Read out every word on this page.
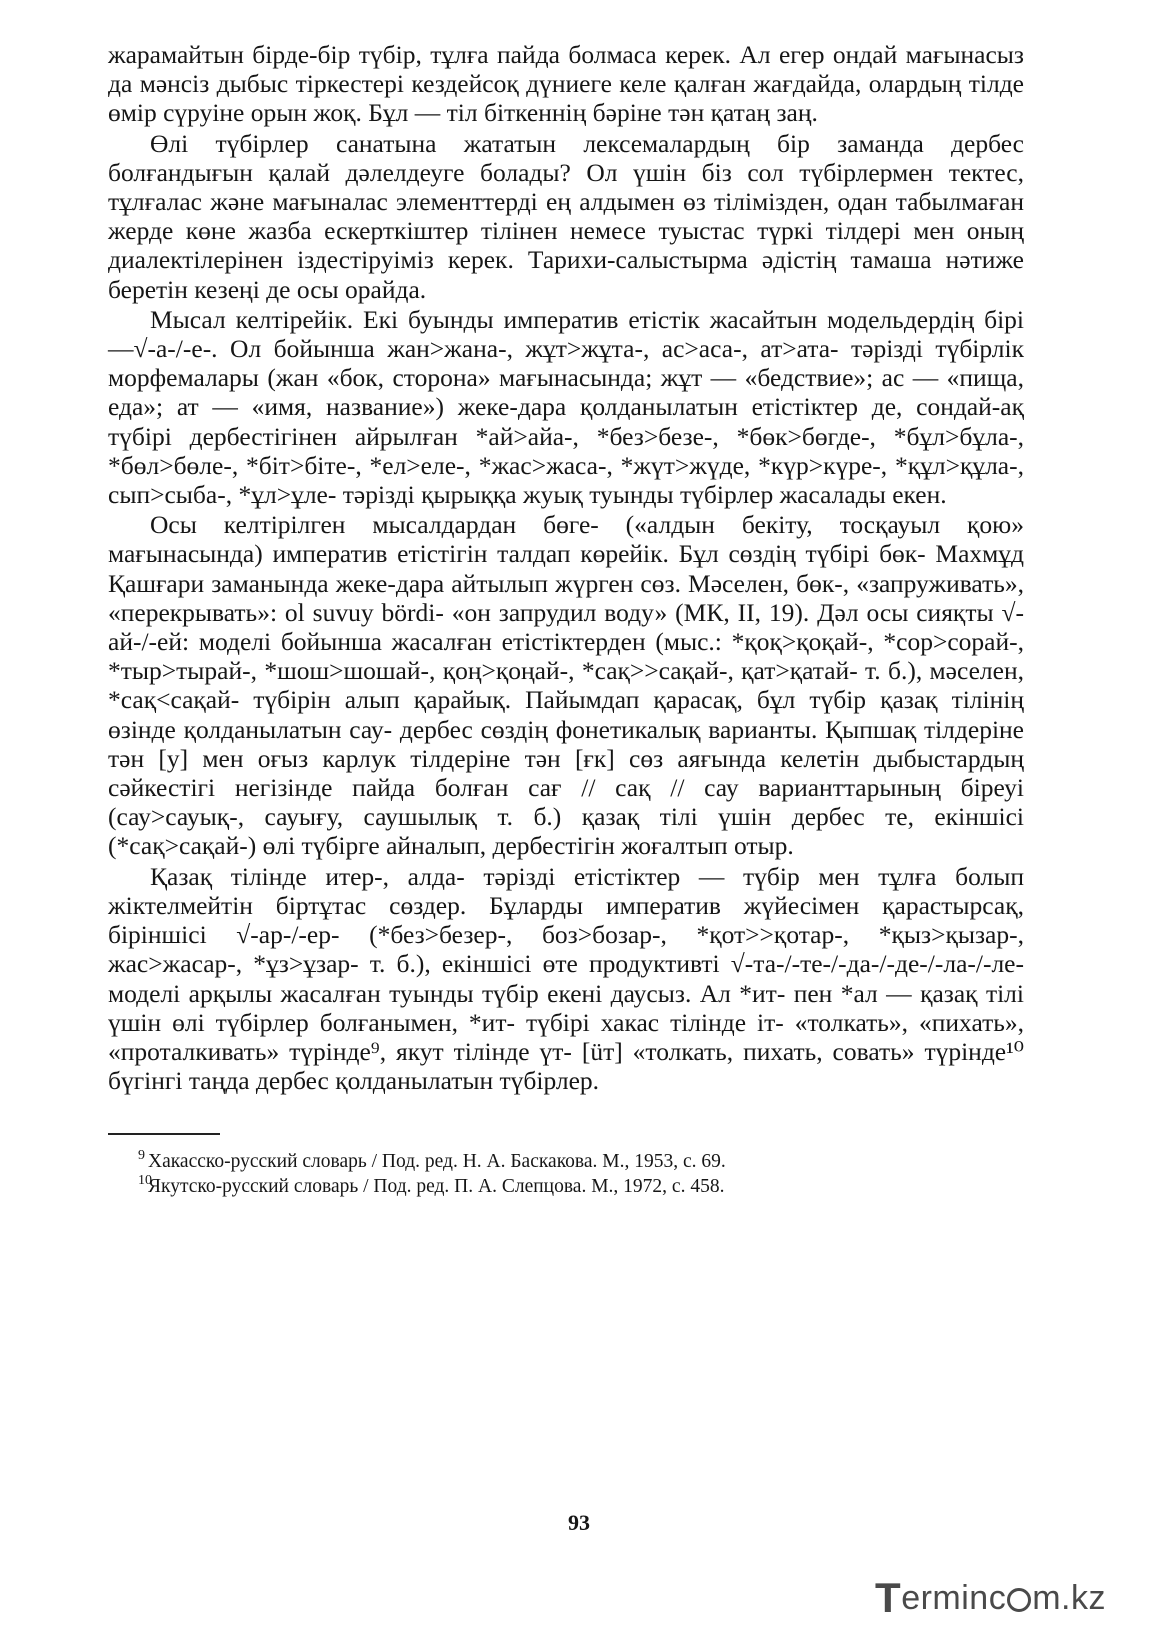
жарамайтын бірде-бір түбір, тұлға пайда болмаса керек. Ал егер ондай мағынасыз да мәнсіз дыбыс тіркестері кездейсоқ дүниеге келе қалған жағдайда, олардың тілде өмір сүруіне орын жоқ. Бұл — тіл біткеннің бәріне тән қатаң заң.

Өлі түбірлер санатына жататын лексемалардың бір заманда дербес болғандығын қалай дәлелдеуге болады? Ол үшін біз сол түбірлермен тектес, тұлғалас және мағыналас элементтерді ең алдымен өз тілімізден, одан табылмаған жерде көне жазба ескерткіштер тілінен немесе туыстас түркі тілдері мен оның диалектілерінен іздестіруіміз керек. Тарихи-салыстырма әдістің тамаша нәтиже беретін кезеңі де осы орайда.

Мысал келтірейік. Екі буынды императив етістік жасайтын модельдердің бірі —√-а-/-е-. Ол бойынша жан>жана-, жұт>жұта-, ас>аса-, ат>ата- тәрізді түбірлік морфемалары (жан «бок, сторона» мағынасында; жұт — «бедствие»; ас — «пища, еда»; ат — «имя, название») жеке-дара қолданылатын етістіктер де, сондай-ақ түбірі дербестігінен айрылған *ай>айа-, *без>безе-, *бөк>бөгде-, *бұл>бұла-, *бөл>бөле-, *біт>біте-, *ел>еле-, *жас>жаса-, *жүт>жүде, *күр>күре-, *құл>құла-, сып>сыба-, *ұл>ұле- тәрізді қырыққа жуық туынды түбірлер жасалады екен.

Осы келтірілген мысалдардан бөге- («алдын бекіту, тосқауыл қою» мағынасында) императив етістігін талдап көрейік. Бұл сөздің түбірі бөк- Махмұд Қашғари заманында жеке-дара айтылып жүрген сөз. Мәселен, бөк-, «запруживать», «перекрывать»: ol suvuy bördi- «он запрудил воду» (МК, II, 19). Дәл осы сияқты √-ай-/-ей: моделі бойынша жасалған етістіктерден (мыс.: *қоқ>қоқай-, *сор>сорай-, *тыр>тырай-, *шош>шошай-, қоң>қоңай-, *сақ>>сақай-, қат>қатай- т. б.), мәселен, *сақ<сақай- түбірін алып қарайық. Пайымдап қарасақ, бұл түбір қазақ тілінің өзінде қолданылатын сау- дербес сөздің фонетикалық варианты. Қыпшақ тілдеріне тән [у] мен оғыз карлук тілдеріне тән [ғк] сөз аяғында келетін дыбыстардың сәйкестігі негізінде пайда болған сағ // сақ // сау варианттарының біреуі (сау>сауық-, сауығу, саушылық т. б.) қазақ тілі үшін дербес те, екіншісі (*сақ>сақай-) өлі түбірге айналып, дербестігін жоғалтып отыр.

Қазақ тілінде итер-, алда- тәрізді етістіктер — түбір мен тұлға болып жіктелмейтін біртұтас сөздер. Бұларды императив жүйесімен қарастырсақ, біріншісі √-ар-/-ер- (*без>безер-, боз>бозар-, *қот>>қотар-, *қыз>қызар-, жас>жасар-, *ұз>ұзар- т. б.), екіншісі өте продуктивті √-та-/-те-/-да-/-де-/-ла-/-ле- моделі арқылы жасалған туынды түбір екені даусыз. Ал *ит- пен *ал — қазақ тілі үшін өлі түбірлер болғанымен, *ит- түбірі хакас тілінде іт- «толкать», «пихать», «проталкивать» түрінде⁹, якут тілінде үт- [üт] «толкать, пихать, совать» түрінде¹⁰ бүгінгі таңда дербес қолданылатын түбірлер.

9 Хакасско-русский словарь / Под. ред. Н. А. Баскакова. М., 1953, с. 69.

10
Якутско-русский словарь / Под. ред. П. А. Слепцова. М., 1972, с. 458.

93
T erminc m.kz
